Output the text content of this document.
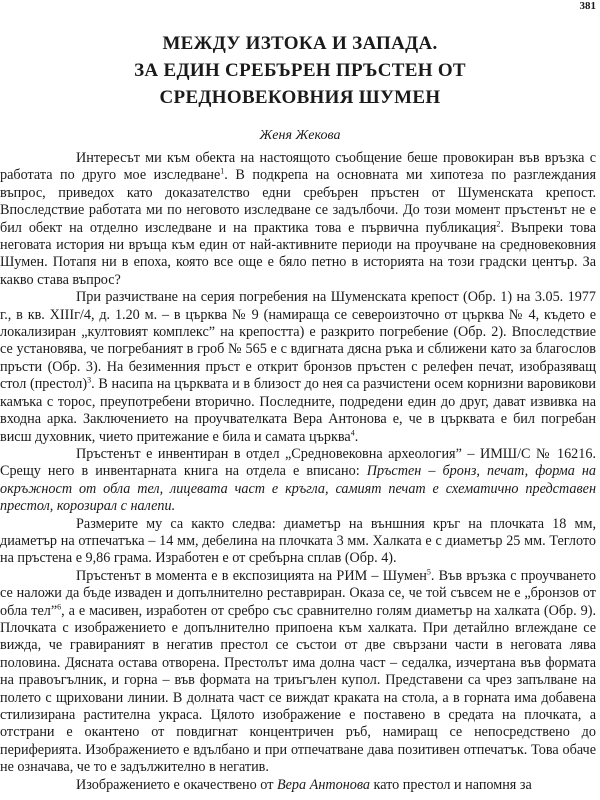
381
МЕЖДУ ИЗТОКА И ЗАПАДА.
ЗА ЕДИН СРЕБЪРЕН ПРЪСТЕН ОТ
СРЕДНОВЕКОВНИЯ ШУМЕН
Женя Жекова

Интересът ми към обекта на настоящото съобщение беше провокиран във връзка с работата по друго мое изследване$^1$. В подкрепа на основната ми хипотеза по разглеждания въпрос, приведох като доказателство едни сребърен пръстен от Шуменската крепост. Впоследствие работата ми по неговото изследване се задълбочи. До този момент пръстенът не е бил обект на отделно изследване и на практика това е първична публикация$^2$. Въпреки това неговата история ни връща към един от най-активните периоди на проучване на средновековния Шумен. Потапя ни в епоха, която все още е бяло петно в историята на този градски център. За какво става въпрос?

При разчистване на серия погребения на Шуменската крепост (Обр. 1) на 3.05. 1977 г., в кв. XIIIг/4, д. 1.20 м. – в църква № 9 (намираща се североизточно от църква № 4, където е локализиран „култовият комплекс” на крепостта) е разкрито погребение (Обр. 2). Впоследствие се установява, че погребаният в гроб № 565 е с вдигната дясна ръка и сближени като за благослов пръсти (Обр. 3). На безименния пръст е открит бронзов пръстен с релефен печат, изобразяващ стол (престол)$^3$. В насипа на църквата и в близост до нея са разчистени осем корнизни варовикови камъка с торос, преупотребени вторично. Последните, подредени един до друг, дават извивка на входна арка. Заключението на проучвателката Вера Антонова е, че в църквата е бил погребан висш духовник, чието притежание е била и самата църква$^4$.

Пръстенът е инвентиран в отдел „Средновековна археология” – ИМШ/С № 16216. Срещу него в инвентарната книга на отдела е вписано: Пръстен – бронз, печат, форма на окръжност от обла тел, лицевата част е кръгла, самият печат е схематично представен престол, корозирал с налепи.

Размерите му са както следва: диаметър на външния кръг на плочката 18 мм, диаметър на отпечатъка – 14 мм, дебелина на плочката 3 мм. Халката е с диаметър 25 мм. Теглото на пръстена е 9,86 грама. Изработен е от сребърна сплав (Обр. 4).

Пръстенът в момента е в експозицията на РИМ – Шумен$^5$. Във връзка с проучването се наложи да бъде изваден и допълнително реставриран. Оказа се, че той съвсем не е „бронзов от обла тел”$^6$, а е масивен, изработен от сребро със сравнително голям диаметър на халката (Обр. 9). Плочката с изображението е допълнително припоена към халката. При детайлно вглеждане се вижда, че гравираният в негатив престол се състои от две свързани части в неговата лява половина. Дясната остава отворена. Престолът има долна част – седалка, изчертана във формата на правоъгълник, и горна – във формата на триъгълен купол. Представени са чрез запълване на полето с щриховани линии. В долната част се виждат краката на стола, а в горната има добавена стилизирана растителна украса. Цялото изображение е поставено в средата на плочката, а отстрани е окантено от повдигнат концентричен ръб, намиращ се непосредствено до периферията. Изображението е вдълбано и при отпечатване дава позитивен отпечатък. Това обаче не означава, че то е задължително в негатив.

Изображението е окачествено от Вера Антонова като престол и напомня за
